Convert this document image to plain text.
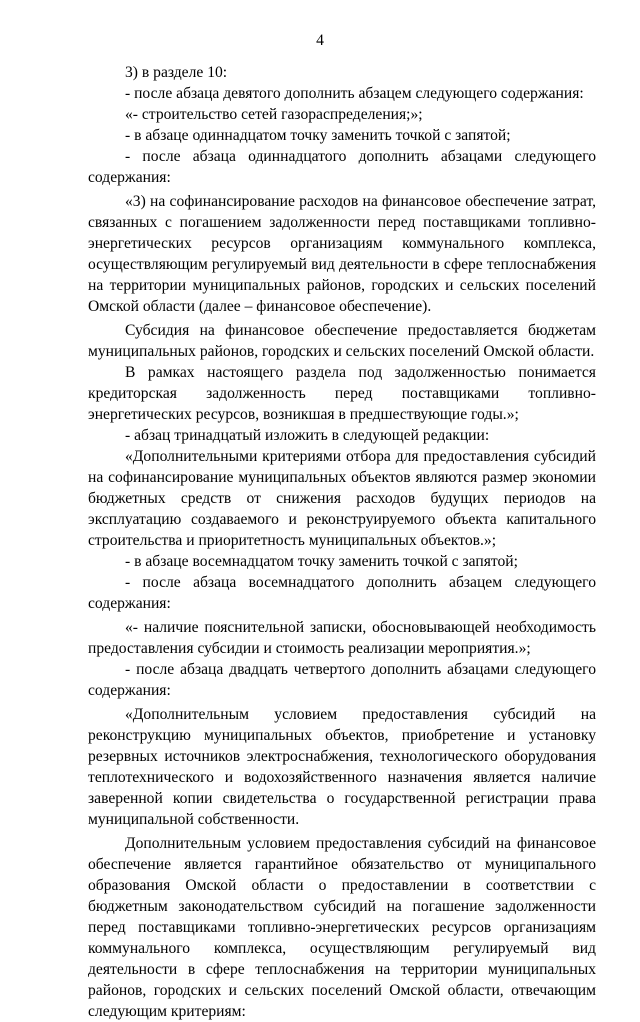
4

3) в разделе 10:

- после абзаца девятого дополнить абзацем следующего содержания:

«- строительство сетей газораспределения;»;

- в абзаце одиннадцатом точку заменить точкой с запятой;

- после абзаца одиннадцатого дополнить абзацами следующего содержания:

«3) на софинансирование расходов на финансовое обеспечение затрат, связанных с погашением задолженности перед поставщиками топливно-энергетических ресурсов организациям коммунального комплекса, осуществляющим регулируемый вид деятельности в сфере теплоснабжения на территории муниципальных районов, городских и сельских поселений Омской области (далее – финансовое обеспечение).

Субсидия на финансовое обеспечение предоставляется бюджетам муниципальных районов, городских и сельских поселений Омской области.

В рамках настоящего раздела под задолженностью понимается кредиторская задолженность перед поставщиками топливно-энергетических ресурсов, возникшая в предшествующие годы.»;

- абзац тринадцатый изложить в следующей редакции:

«Дополнительными критериями отбора для предоставления субсидий на софинансирование муниципальных объектов являются размер экономии бюджетных средств от снижения расходов будущих периодов на эксплуатацию создаваемого и реконструируемого объекта капитального строительства и приоритетность муниципальных объектов.»;

- в абзаце восемнадцатом точку заменить точкой с запятой;

- после абзаца восемнадцатого дополнить абзацем следующего содержания:

«- наличие пояснительной записки, обосновывающей необходимость предоставления субсидии и стоимость реализации мероприятия.»;

- после абзаца двадцать четвертого дополнить абзацами следующего содержания:

«Дополнительным условием предоставления субсидий на реконструкцию муниципальных объектов, приобретение и установку резервных источников электроснабжения, технологического оборудования теплотехнического и водохозяйственного назначения является наличие заверенной копии свидетельства о государственной регистрации права муниципальной собственности.

Дополнительным условием предоставления субсидий на финансовое обеспечение является гарантийное обязательство от муниципального образования Омской области о предоставлении в соответствии с бюджетным законодательством субсидий на погашение задолженности перед поставщиками топливно-энергетических ресурсов организациям коммунального комплекса, осуществляющим регулируемый вид деятельности в сфере теплоснабжения на территории муниципальных районов, городских и сельских поселений Омской области, отвечающим следующим критериям:
